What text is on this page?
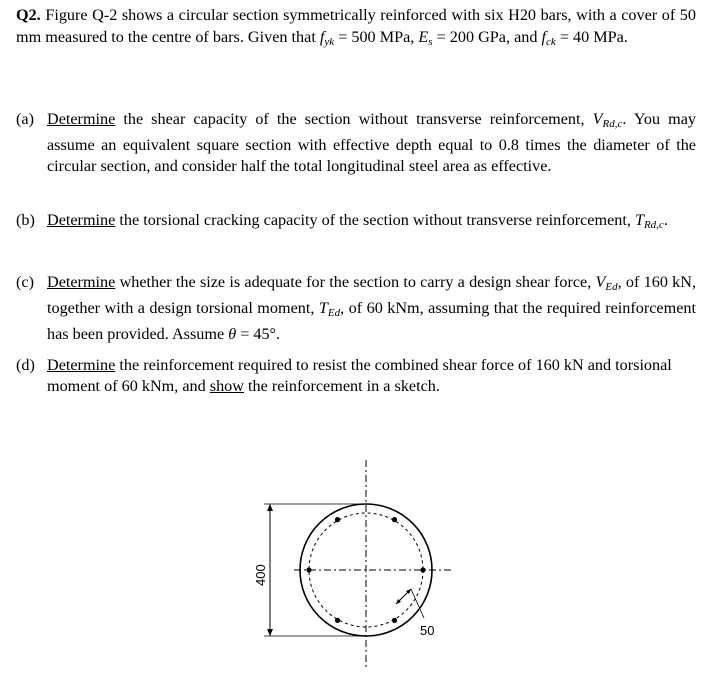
Q2. Figure Q-2 shows a circular section symmetrically reinforced with six H20 bars, with a cover of 50 mm measured to the centre of bars. Given that $f_{yk} = 500$ MPa, $E_s = 200$ GPa, and $f_{ck} = 40$ MPa.
(a) Determine the shear capacity of the section without transverse reinforcement, $V_{Rd,c}$. You may assume an equivalent square section with effective depth equal to 0.8 times the diameter of the circular section, and consider half the total longitudinal steel area as effective.
(b) Determine the torsional cracking capacity of the section without transverse reinforcement, $T_{Rd,c}$.
(c) Determine whether the size is adequate for the section to carry a design shear force, $V_{Ed}$, of 160 kN, together with a design torsional moment, $T_{Ed}$, of 60 kNm, assuming that the required reinforcement has been provided. Assume θ = 45°.
(d) Determine the reinforcement required to resist the combined shear force of 160 kN and torsional moment of 60 kNm, and show the reinforcement in a sketch.
400
50
